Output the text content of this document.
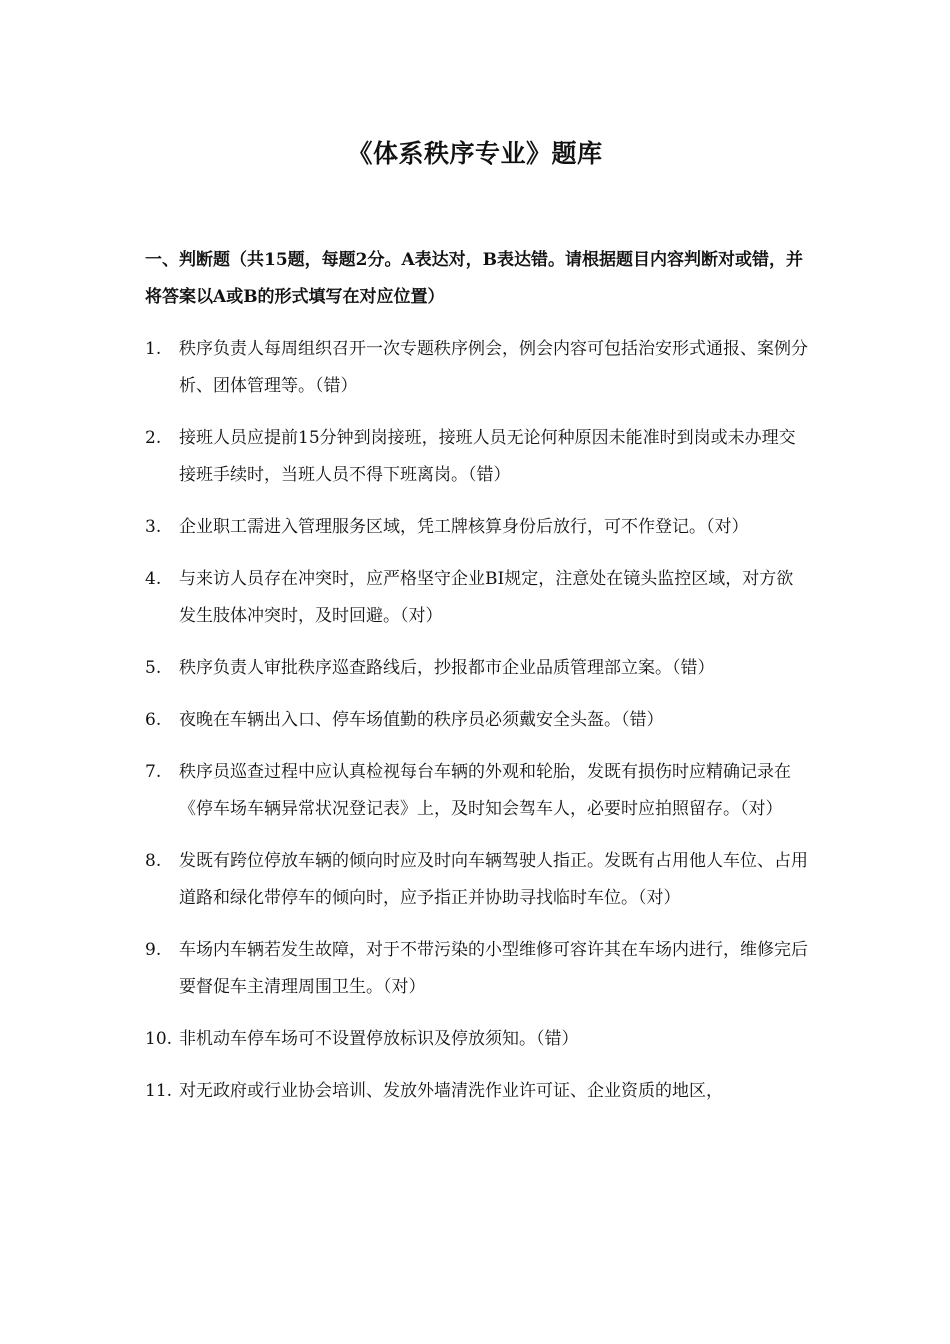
《体系秩序专业》题库
一、判断题（共15题，每题2分。A表达对，B表达错。请根据题目内容判断对或错，并将答案以A或B的形式填写在对应位置）
1.	秩序负责人每周组织召开一次专题秩序例会，例会内容可包括治安形式通报、案例分析、团体管理等。（错）
2.	接班人员应提前15分钟到岗接班，接班人员无论何种原因未能准时到岗或未办理交接班手续时，当班人员不得下班离岗。（错）
3.	企业职工需进入管理服务区域，凭工牌核算身份后放行，可不作登记。（对）
4.	与来访人员存在冲突时，应严格坚守企业BI规定，注意处在镜头监控区域，对方欲发生肢体冲突时，及时回避。（对）
5.	秩序负责人审批秩序巡查路线后，抄报都市企业品质管理部立案。（错）
6.	夜晚在车辆出入口、停车场值勤的秩序员必须戴安全头盔。（错）
7.	秩序员巡查过程中应认真检视每台车辆的外观和轮胎，发既有损伤时应精确记录在《停车场车辆异常状况登记表》上，及时知会驾车人，必要时应拍照留存。（对）
8.	发既有跨位停放车辆的倾向时应及时向车辆驾驶人指正。发既有占用他人车位、占用道路和绿化带停车的倾向时，应予指正并协助寻找临时车位。（对）
9.	车场内车辆若发生故障，对于不带污染的小型维修可容许其在车场内进行，维修完后要督促车主清理周围卫生。（对）
10. 非机动车停车场可不设置停放标识及停放须知。（错）
11. 对无政府或行业协会培训、发放外墙清洗作业许可证、企业资质的地区，
